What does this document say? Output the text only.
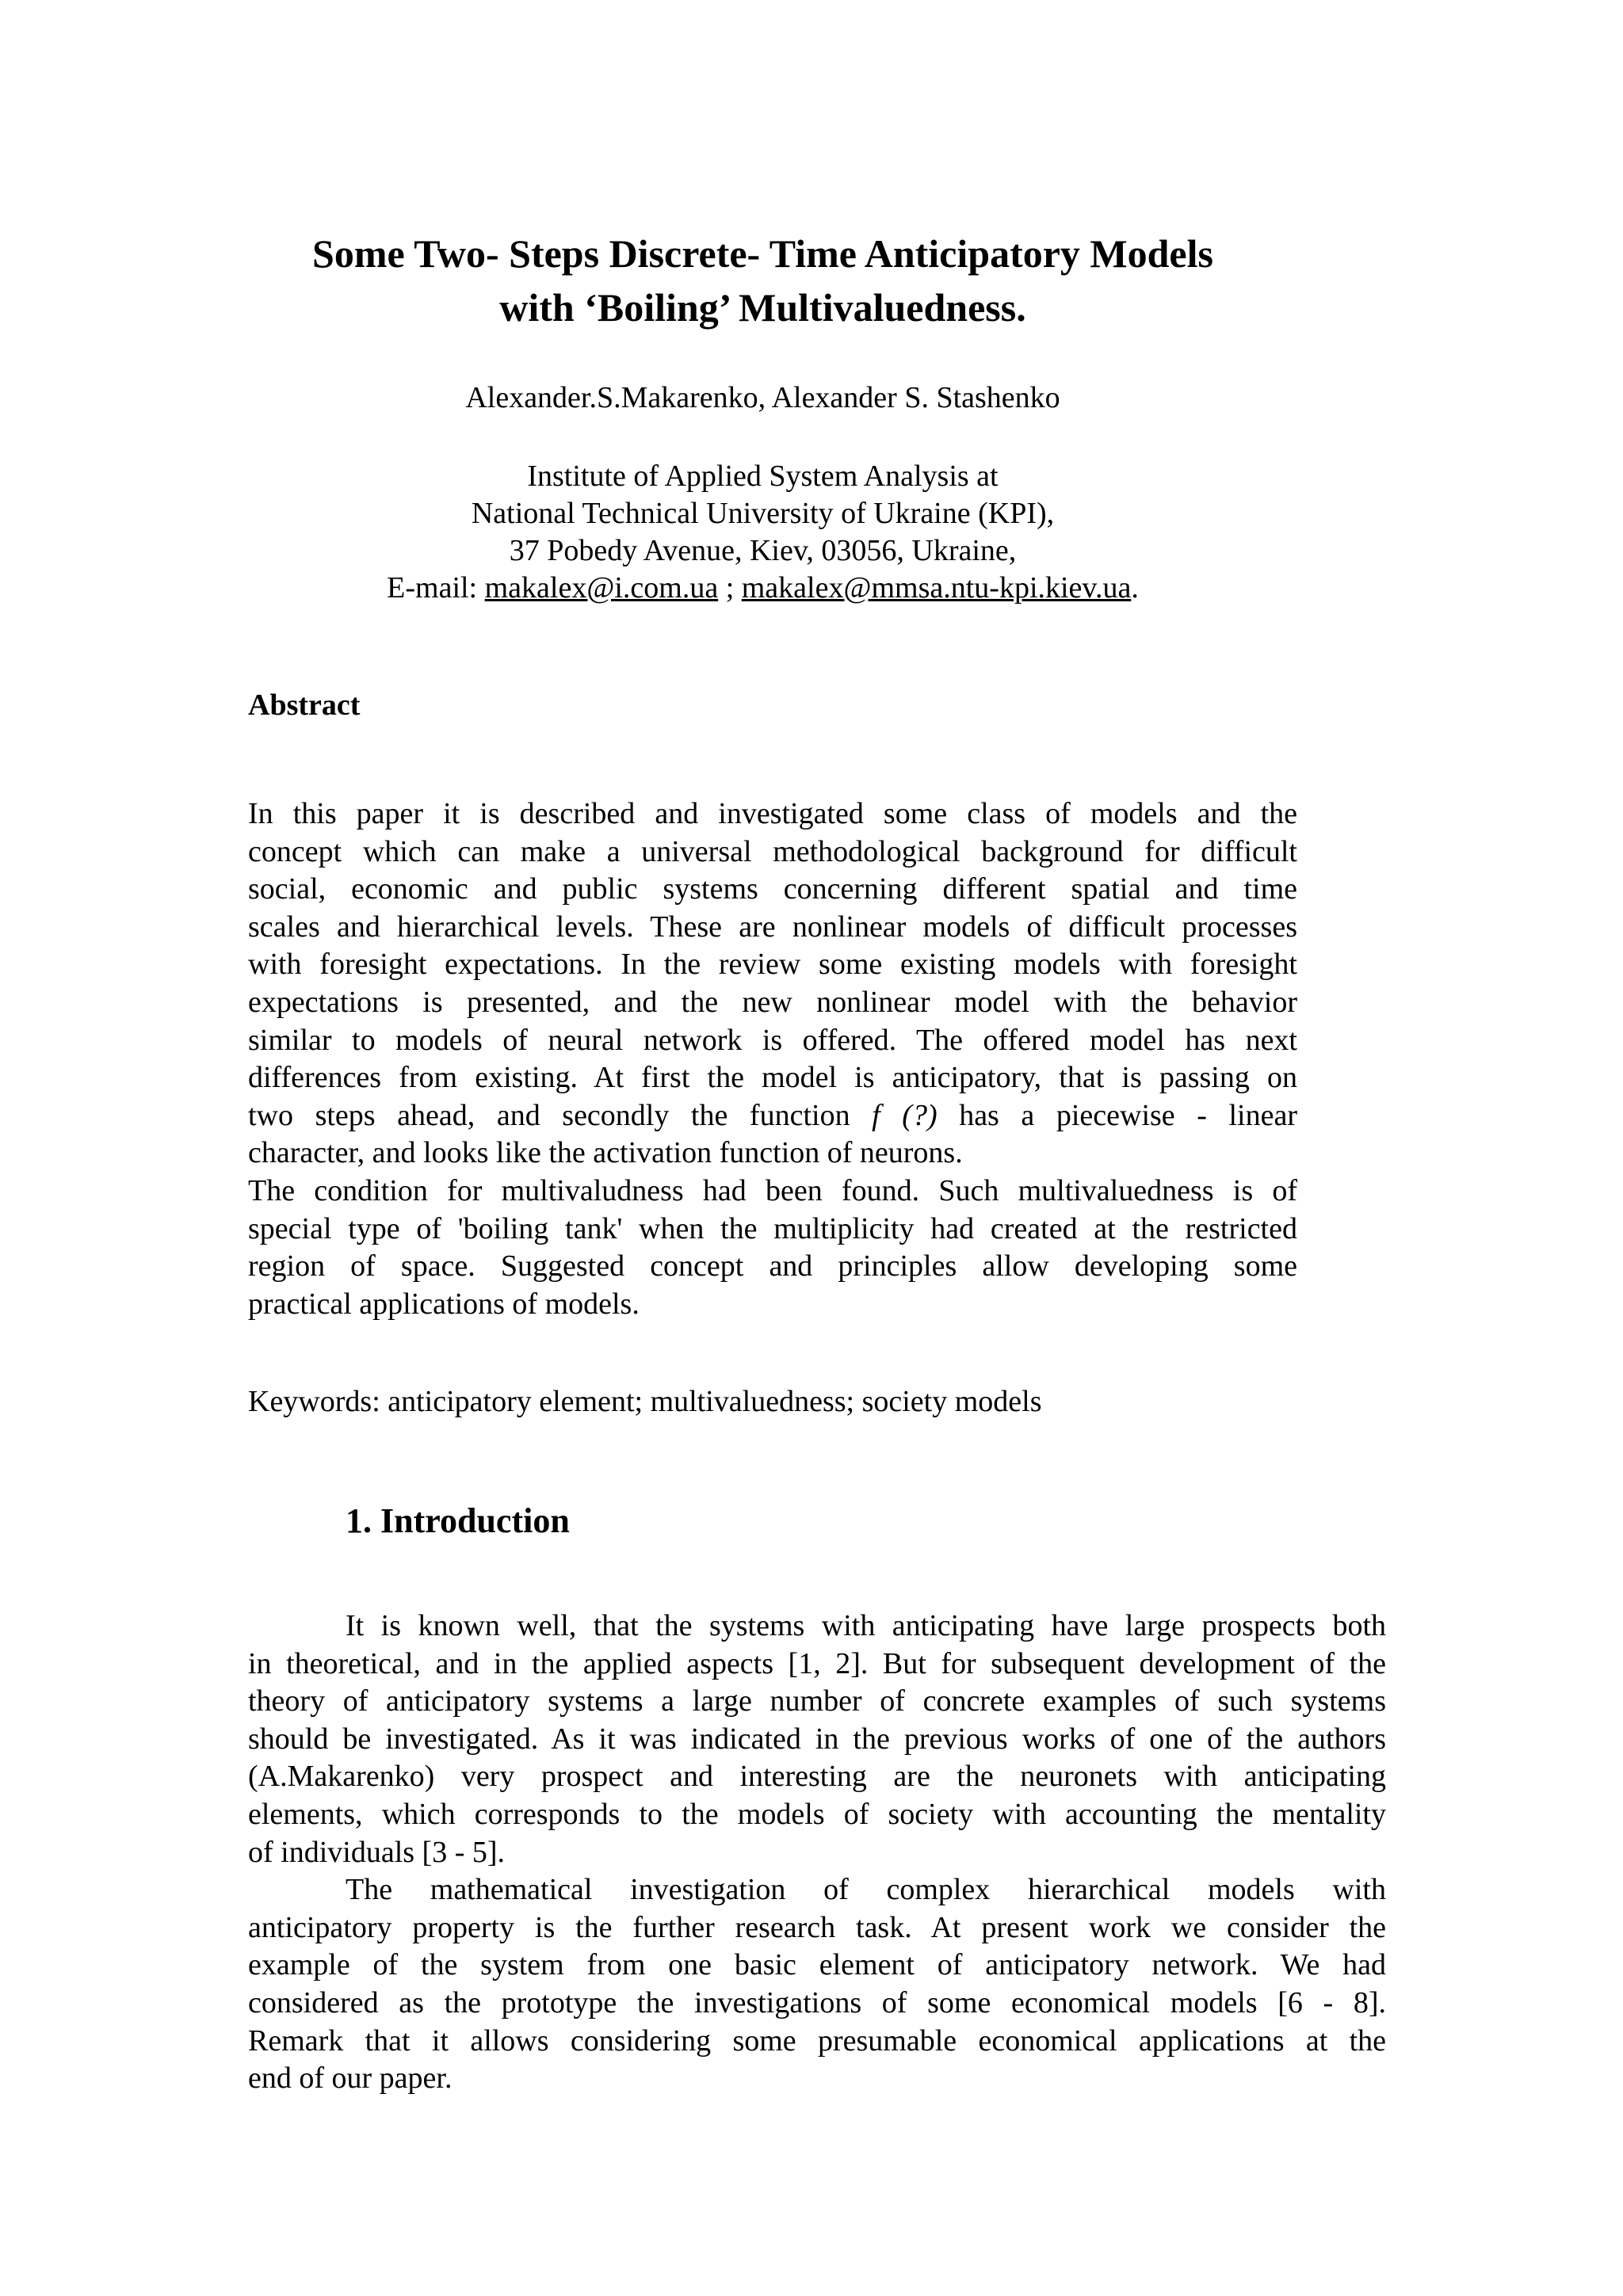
Some Two- Steps Discrete- Time Anticipatory Models
with ‘Boiling’ Multivaluedness.
Alexander.S.Makarenko, Alexander S. Stashenko
Institute of Applied System Analysis at
National Technical University of Ukraine (KPI),
37 Pobedy Avenue, Kiev, 03056, Ukraine,
E-mail: makalex@i.com.ua ; makalex@mmsa.ntu-kpi.kiev.ua.
Abstract
In this paper it is described and investigated some class of models and the
concept which can make a universal methodological background for difficult
social, economic and public systems concerning different spatial and time
scales and hierarchical levels. These are nonlinear models of difficult processes
with foresight expectations. In the review some existing models with foresight
expectations is presented, and the new nonlinear model with the behavior
similar to models of neural network is offered. The offered model has next
differences from existing. At first the model is anticipatory, that is passing on
two steps ahead, and secondly the function f (?) has a piecewise - linear
character, and looks like the activation function of neurons.
The condition for multivaludness had been found. Such multivaluedness is of
special type of 'boiling tank' when the multiplicity had created at the restricted
region of space. Suggested concept and principles allow developing some
practical applications of models.
Keywords: anticipatory element; multivaluedness; society models
1. Introduction
It is known well, that the systems with anticipating have large prospects both
in theoretical, and in the applied aspects [1, 2]. But for subsequent development of the
theory of anticipatory systems a large number of concrete examples of such systems
should be investigated. As it was indicated in the previous works of one of the authors
(A.Makarenko) very prospect and interesting are the neuronets with anticipating
elements, which corresponds to the models of society with accounting the mentality
of individuals [3 - 5].
The mathematical investigation of complex hierarchical models with
anticipatory property is the further research task. At present work we consider the
example of the system from one basic element of anticipatory network. We had
considered as the prototype the investigations of some economical models [6 - 8].
Remark that it allows considering some presumable economical applications at the
end of our paper.
